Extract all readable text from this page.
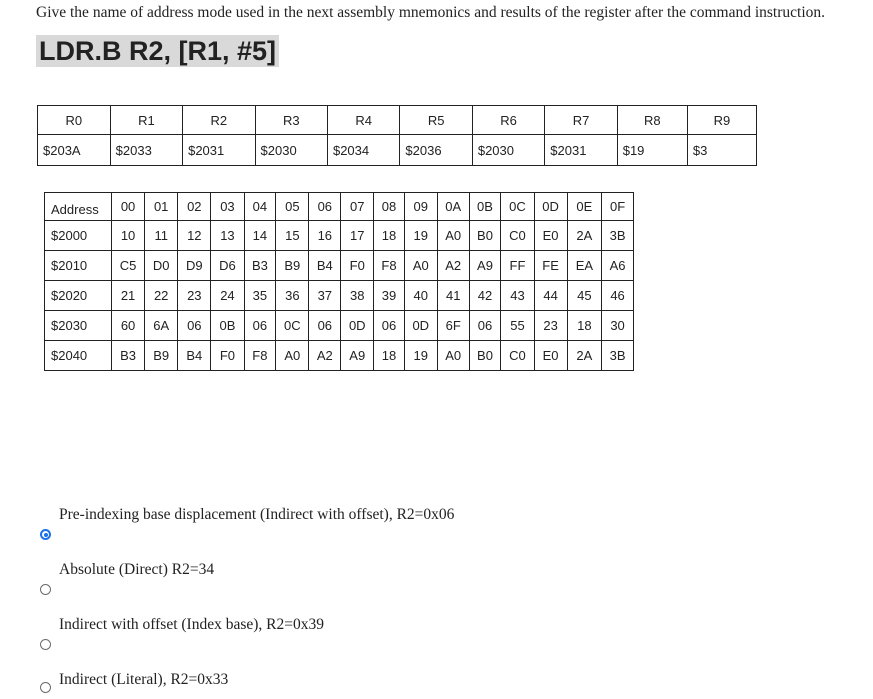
Give the name of address mode used in the next assembly mnemonics and results of the register after the command instruction.
LDR.B R2, [R1, #5]
R0	R1	R2	R3	R4	R5	R6	R7	R8	R9
$203A	$2033	$2031	$2030	$2034	$2036	$2030	$2031	$19	$3
Address	00	01	02	03	04	05	06	07	08	09	0A	0B	0C	0D	0E	0F
$2000	10	11	12	13	14	15	16	17	18	19	A0	B0	C0	E0	2A	3B
$2010	C5	D0	D9	D6	B3	B9	B4	F0	F8	A0	A2	A9	FF	FE	EA	A6
$2020	21	22	23	24	35	36	37	38	39	40	41	42	43	44	45	46
$2030	60	6A	06	0B	06	0C	06	0D	06	0D	6F	06	55	23	18	30
$2040	B3	B9	B4	F0	F8	A0	A2	A9	18	19	A0	B0	C0	E0	2A	3B
Pre-indexing base displacement (Indirect with offset), R2=0x06
Absolute (Direct) R2=34
Indirect with offset (Index base), R2=0x39
Indirect (Literal), R2=0x33
